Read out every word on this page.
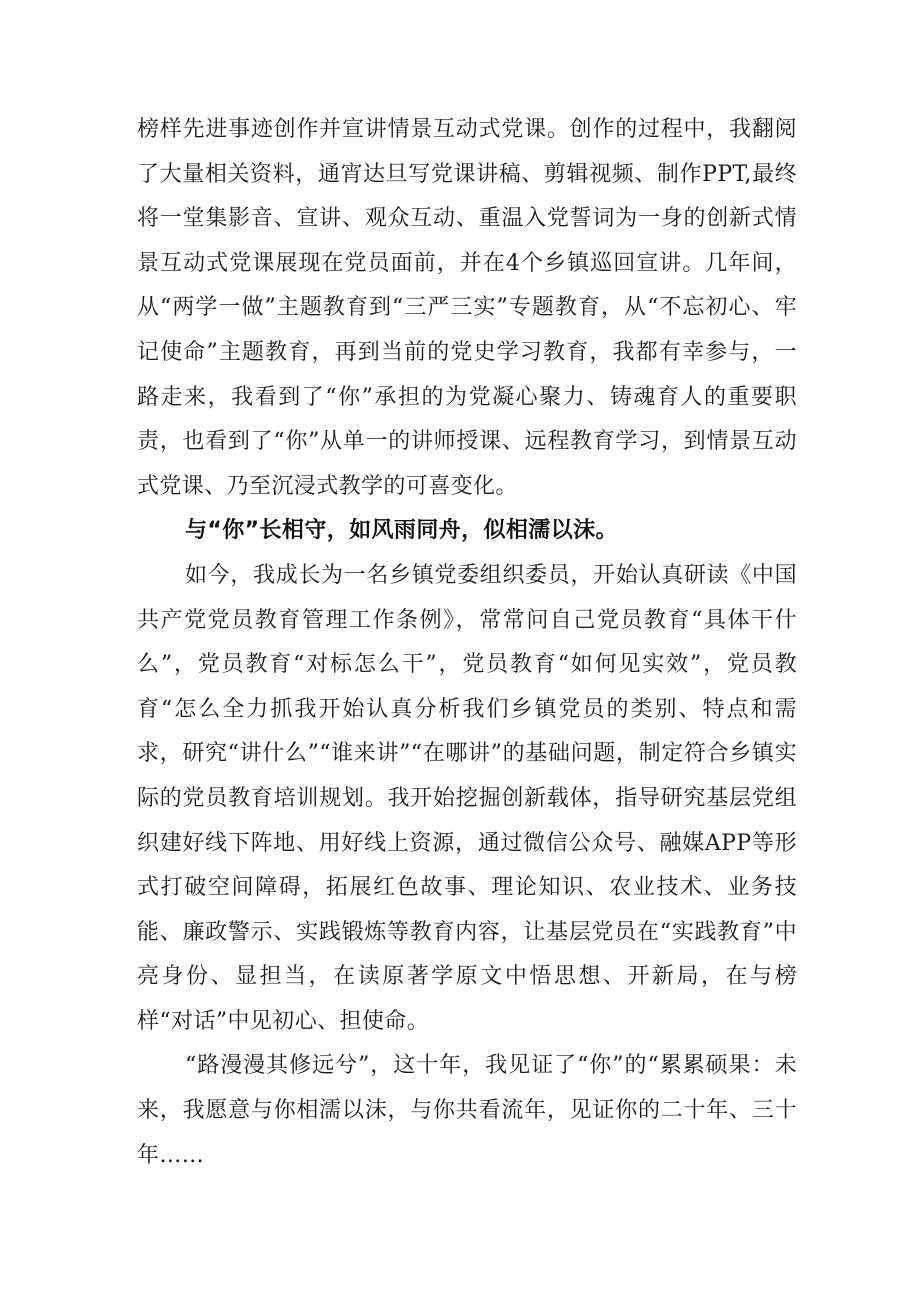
榜样先进事迹创作并宣讲情景互动式党课。创作的过程中，我翻阅了大量相关资料，通宵达旦写党课讲稿、剪辑视频、制作PPT,最终将一堂集影音、宣讲、观众互动、重温入党誓词为一身的创新式情景互动式党课展现在党员面前，并在4个乡镇巡回宣讲。几年间，从“两学一做”主题教育到“三严三实”专题教育，从“不忘初心、牢记使命”主题教育，再到当前的党史学习教育，我都有幸参与，一路走来，我看到了“你”承担的为党凝心聚力、铸魂育人的重要职责，也看到了“你”从单一的讲师授课、远程教育学习，到情景互动式党课、乃至沉浸式教学的可喜变化。

与“你”长相守，如风雨同舟，似相濡以沫。

如今，我成长为一名乡镇党委组织委员，开始认真研读《中国共产党党员教育管理工作条例》，常常问自己党员教育“具体干什么”，党员教育“对标怎么干”，党员教育“如何见实效”，党员教育“怎么全力抓我开始认真分析我们乡镇党员的类别、特点和需求，研究“讲什么”“谁来讲”“在哪讲”的基础问题，制定符合乡镇实际的党员教育培训规划。我开始挖掘创新载体，指导研究基层党组织建好线下阵地、用好线上资源，通过微信公众号、融媒APP等形式打破空间障碍，拓展红色故事、理论知识、农业技术、业务技能、廉政警示、实践锻炼等教育内容，让基层党员在“实践教育”中亮身份、显担当，在读原著学原文中悟思想、开新局，在与榜样“对话”中见初心、担使命。

“路漫漫其修远兮”，这十年，我见证了“你”的“累累硕果：未来，我愿意与你相濡以沫，与你共看流年，见证你的二十年、三十年……
